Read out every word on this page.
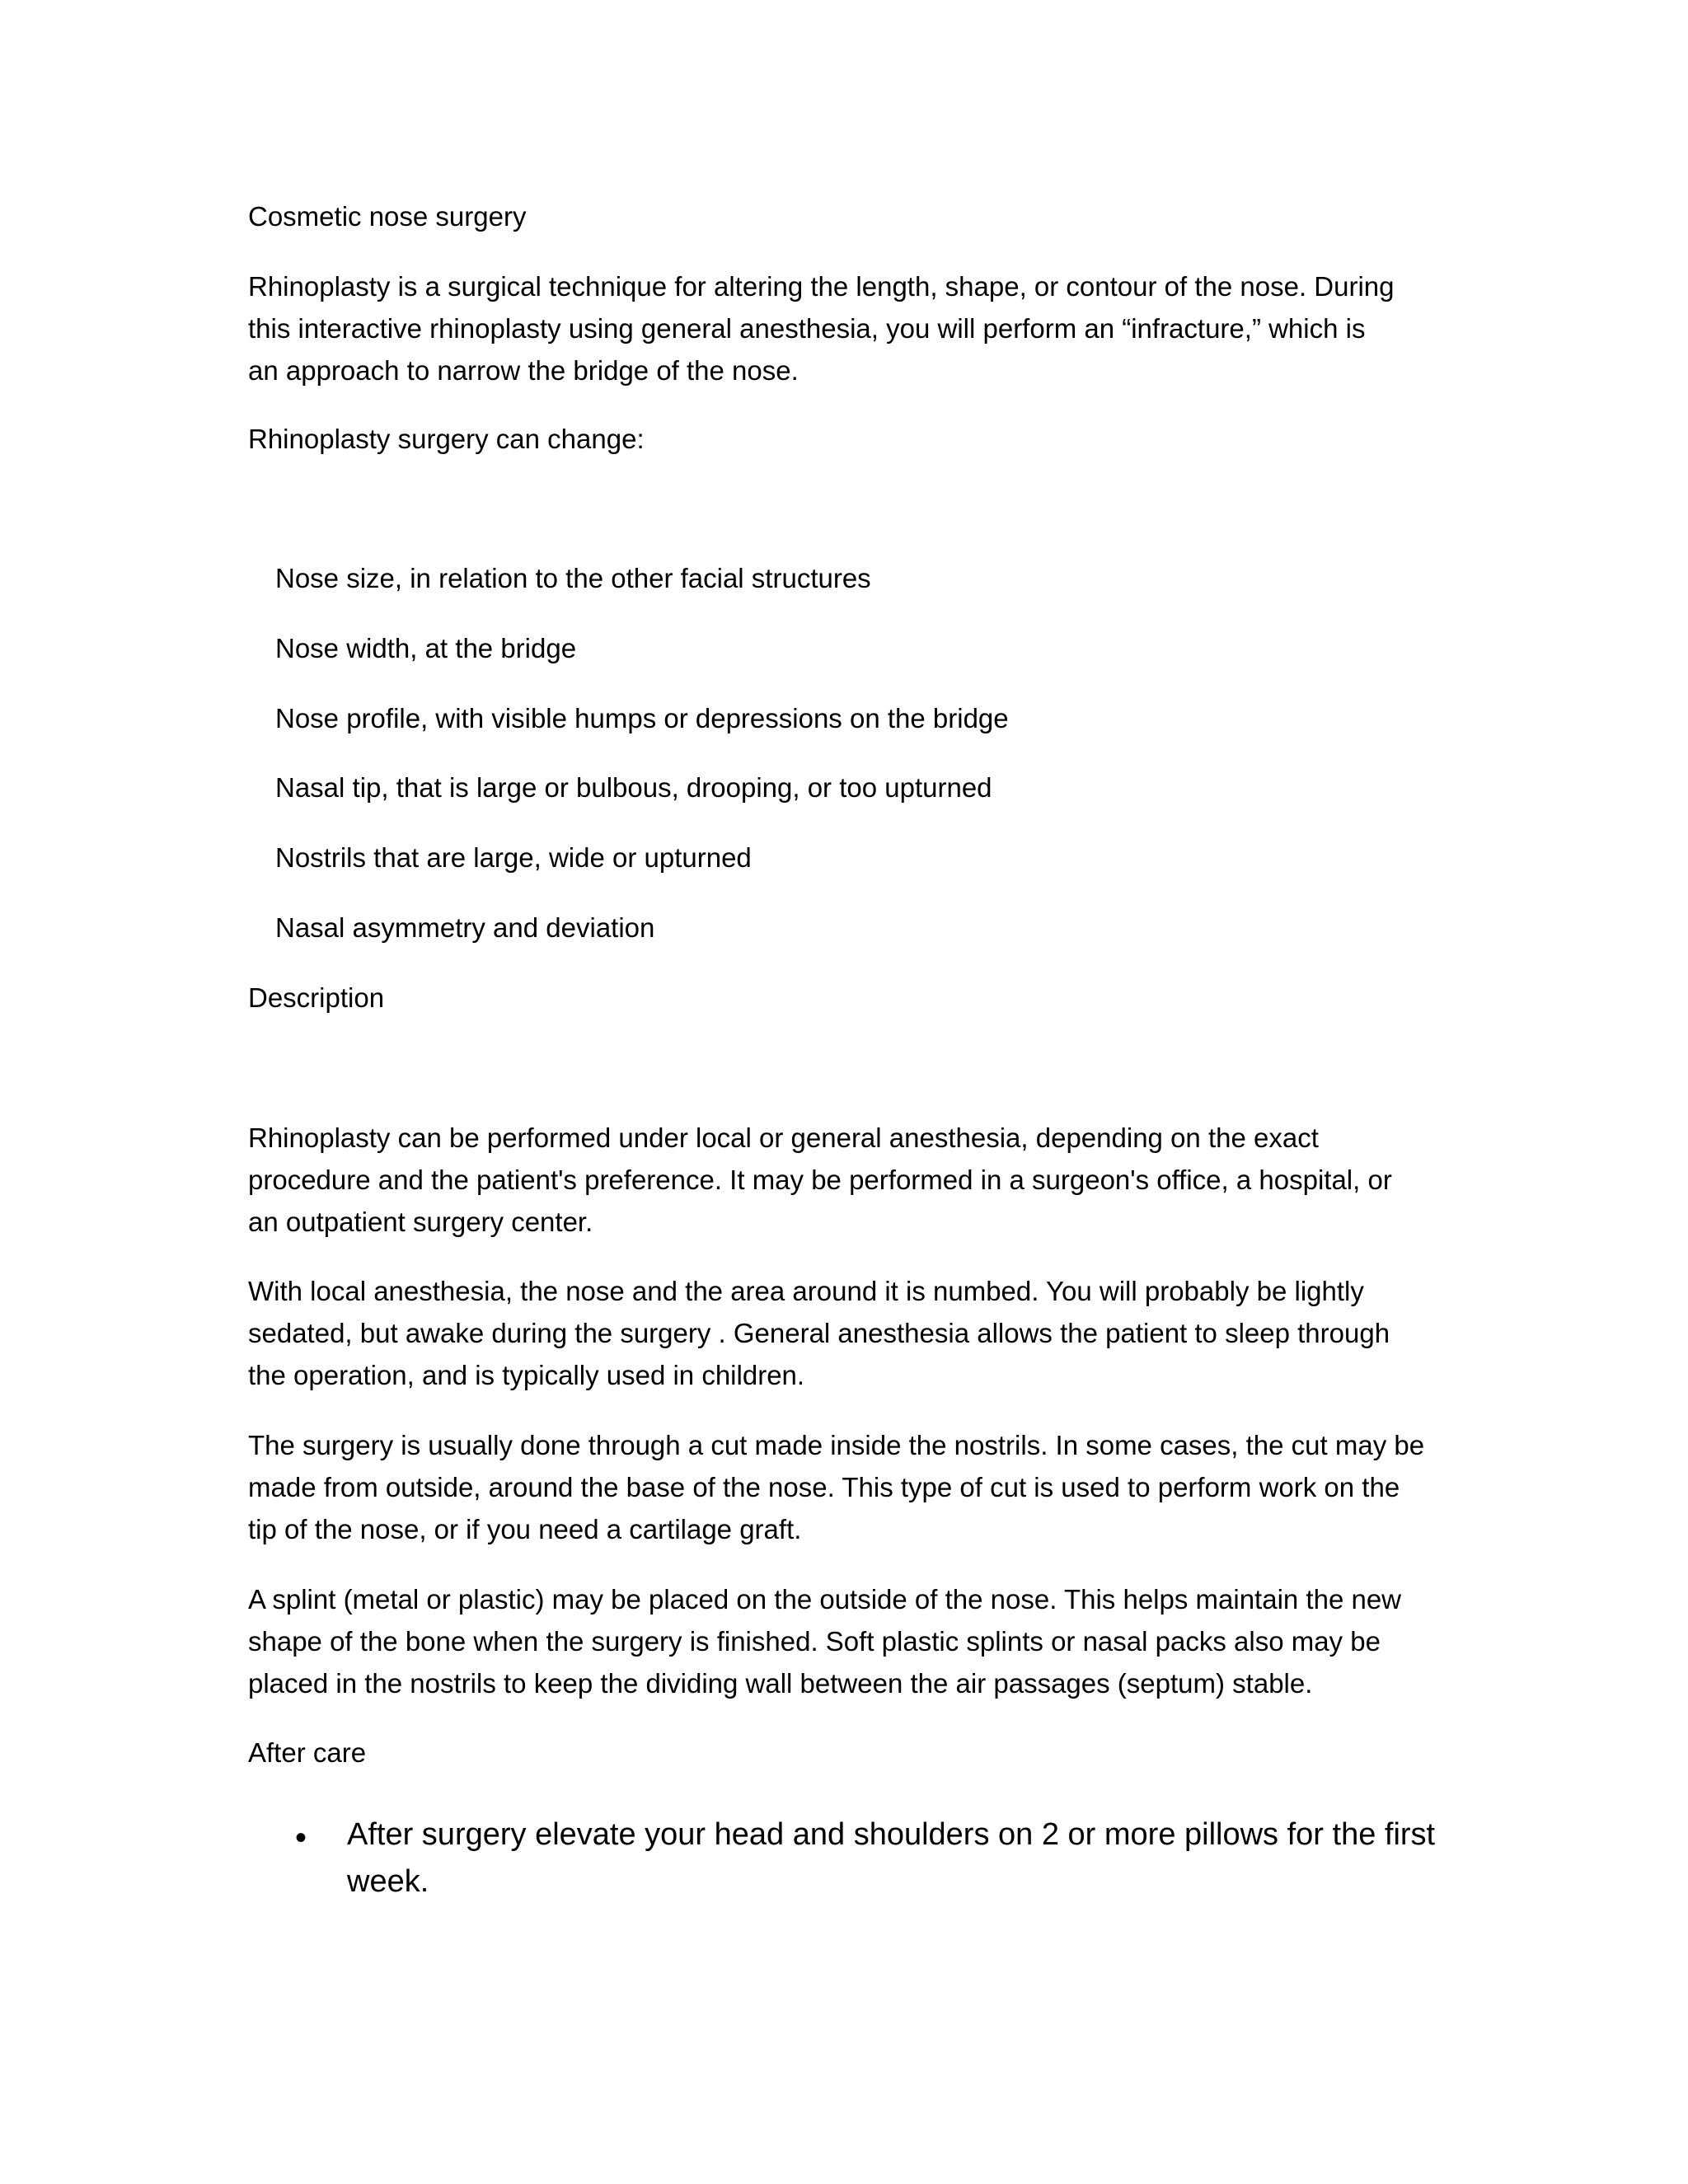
Cosmetic nose surgery

Rhinoplasty is a surgical technique for altering the length, shape, or contour of the nose. During
this interactive rhinoplasty using general anesthesia, you will perform an “infracture,” which is
an approach to narrow the bridge of the nose.

Rhinoplasty surgery can change:

Nose size, in relation to the other facial structures

Nose width, at the bridge

Nose profile, with visible humps or depressions on the bridge

Nasal tip, that is large or bulbous, drooping, or too upturned

Nostrils that are large, wide or upturned

Nasal asymmetry and deviation

Description

Rhinoplasty can be performed under local or general anesthesia, depending on the exact
procedure and the patient's preference. It may be performed in a surgeon's office, a hospital, or
an outpatient surgery center.

With local anesthesia, the nose and the area around it is numbed. You will probably be lightly
sedated, but awake during the surgery . General anesthesia allows the patient to sleep through
the operation, and is typically used in children.

The surgery is usually done through a cut made inside the nostrils. In some cases, the cut may be
made from outside, around the base of the nose. This type of cut is used to perform work on the
tip of the nose, or if you need a cartilage graft.

A splint (metal or plastic) may be placed on the outside of the nose. This helps maintain the new
shape of the bone when the surgery is finished. Soft plastic splints or nasal packs also may be
placed in the nostrils to keep the dividing wall between the air passages (septum) stable.

After care

• After surgery elevate your head and shoulders on 2 or more pillows for the first
week.
